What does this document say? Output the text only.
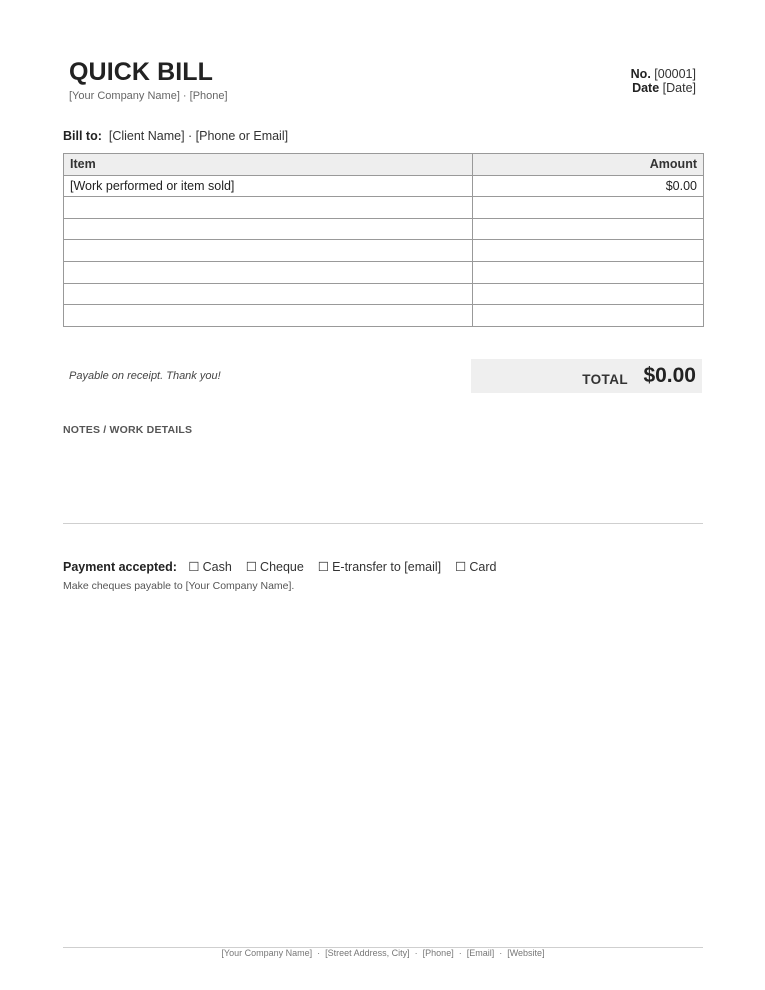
QUICK BILL
[Your Company Name] · [Phone]
No. [00001]
Date [Date]
Bill to: [Client Name] · [Phone or Email]
Item	Amount
[Work performed or item sold]	$0.00

Payable on receipt. Thank you!	TOTAL $0.00
NOTES / WORK DETAILS
Payment accepted: ☐ Cash ☐ Cheque ☐ E-transfer to [email] ☐ Card
Make cheques payable to [Your Company Name].
[Your Company Name] · [Street Address, City] · [Phone] · [Email] · [Website]
